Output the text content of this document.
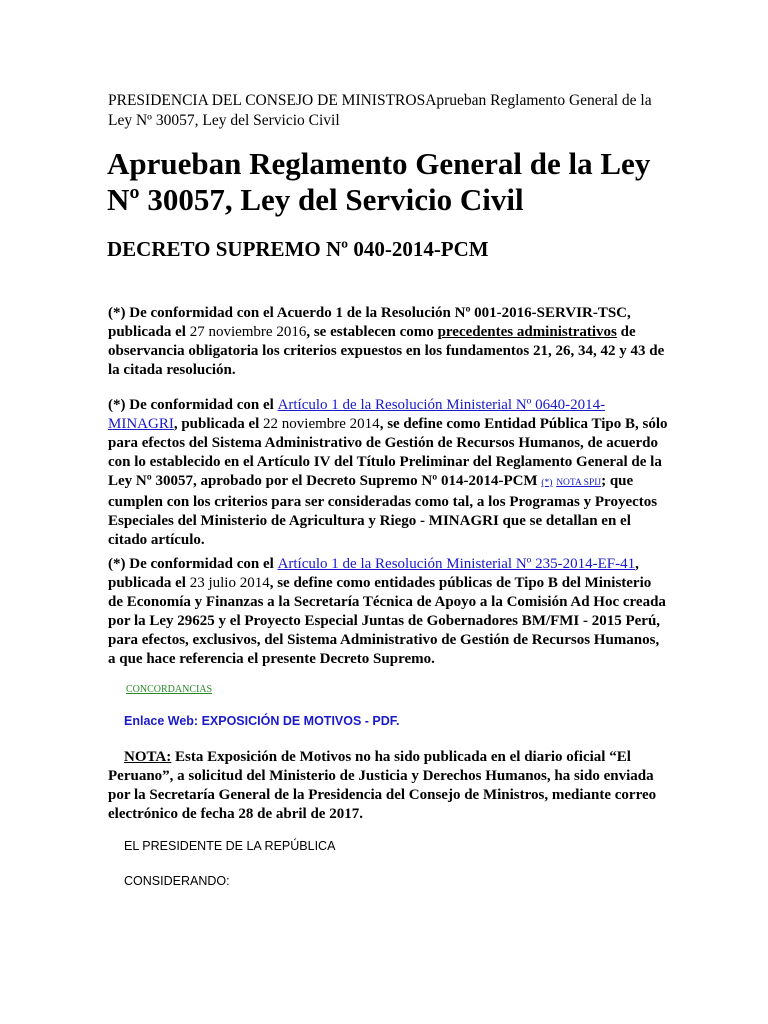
PRESIDENCIA DEL CONSEJO DE MINISTROSAprueban Reglamento General de la Ley Nº 30057, Ley del Servicio Civil
Aprueban Reglamento General de la Ley Nº 30057, Ley del Servicio Civil
DECRETO SUPREMO Nº 040-2014-PCM

(*) De conformidad con el Acuerdo 1 de la Resolución Nº 001-2016-SERVIR-TSC, publicada el 27 noviembre 2016, se establecen como precedentes administrativos de observancia obligatoria los criterios expuestos en los fundamentos 21, 26, 34, 42 y 43 de la citada resolución.

(*) De conformidad con el Artículo 1 de la Resolución Ministerial Nº 0640-2014-MINAGRI, publicada el 22 noviembre 2014, se define como Entidad Pública Tipo B, sólo para efectos del Sistema Administrativo de Gestión de Recursos Humanos, de acuerdo con lo establecido en el Artículo IV del Título Preliminar del Reglamento General de la Ley Nº 30057, aprobado por el Decreto Supremo Nº 014-2014-PCM (*) NOTA SPIJ; que cumplen con los criterios para ser consideradas como tal, a los Programas y Proyectos Especiales del Ministerio de Agricultura y Riego - MINAGRI que se detallan en el citado artículo.

(*) De conformidad con el Artículo 1 de la Resolución Ministerial Nº 235-2014-EF-41, publicada el 23 julio 2014, se define como entidades públicas de Tipo B del Ministerio de Economía y Finanzas a la Secretaría Técnica de Apoyo a la Comisión Ad Hoc creada por la Ley 29625 y el Proyecto Especial Juntas de Gobernadores BM/FMI - 2015 Perú, para efectos, exclusivos, del Sistema Administrativo de Gestión de Recursos Humanos, a que hace referencia el presente Decreto Supremo.

CONCORDANCIAS
Enlace Web: EXPOSICIÓN DE MOTIVOS - PDF.

NOTA: Esta Exposición de Motivos no ha sido publicada en el diario oficial “El Peruano”, a solicitud del Ministerio de Justicia y Derechos Humanos, ha sido enviada por la Secretaría General de la Presidencia del Consejo de Ministros, mediante correo electrónico de fecha 28 de abril de 2017.

EL PRESIDENTE DE LA REPÚBLICA
CONSIDERANDO:
